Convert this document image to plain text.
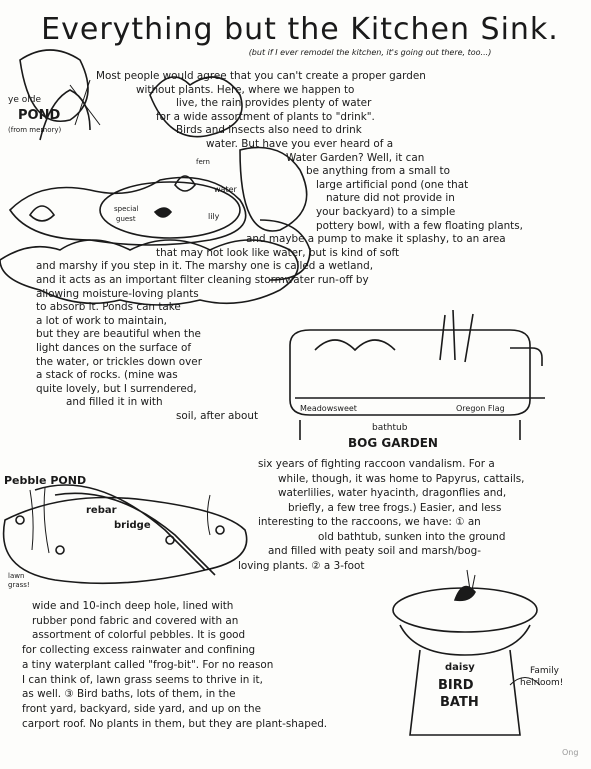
Everything but the Kitchen Sink.
(but if I ever remodel the kitchen, it's going out there, too...)
ye olde
POND
(from memory)
fern
water
lily
special
guest
Most people would agree that you can't create a proper garden
without plants. Here, where we happen to
live, the rain provides plenty of water
for a wide assortment of plants to "drink".
Birds and insects also need to drink
water. But have you ever heard of a
Water Garden? Well, it can
be anything from a small to
large artificial pond (one that
nature did not provide in
your backyard) to a simple
pottery bowl, with a few floating plants,
and maybe a pump to make it splashy, to an area
that may not look like water, but is kind of soft
and marshy if you step in it. The marshy one is called a wetland,
and it acts as an important filter cleaning stormwater run-off by
allowing moisture-loving plants
to absorb it. Ponds can take
a lot of work to maintain,
but they are beautiful when the
light dances on the surface of
the water, or trickles down over
a stack of rocks. (mine was
quite lovely, but I surrendered,
and filled it in with
soil, after about
Meadowsweet	Oregon Flag
bathtub
BOG GARDEN
Pebble POND
rebar
bridge
lawn
grass!
six years of fighting raccoon vandalism. For a
while, though, it was home to Papyrus, cattails,
waterlilies, water hyacinth, dragonflies and,
briefly, a few tree frogs.) Easier, and less
interesting to the raccoons, we have: ① an
old bathtub, sunken into the ground
and filled with peaty soil and marsh/bog-
loving plants. ② a 3-foot
wide and 10-inch deep hole, lined with
rubber pond fabric and covered with an
assortment of colorful pebbles. It is good
for collecting excess rainwater and confining
a tiny waterplant called "frog-bit". For no reason
I can think of, lawn grass seems to thrive in it,
as well. ③ Bird baths, lots of them, in the
front yard, backyard, side yard, and up on the
carport roof. No plants in them, but they are plant-shaped.
daisy
BIRD
BATH
Family
heirloom!
Ong
